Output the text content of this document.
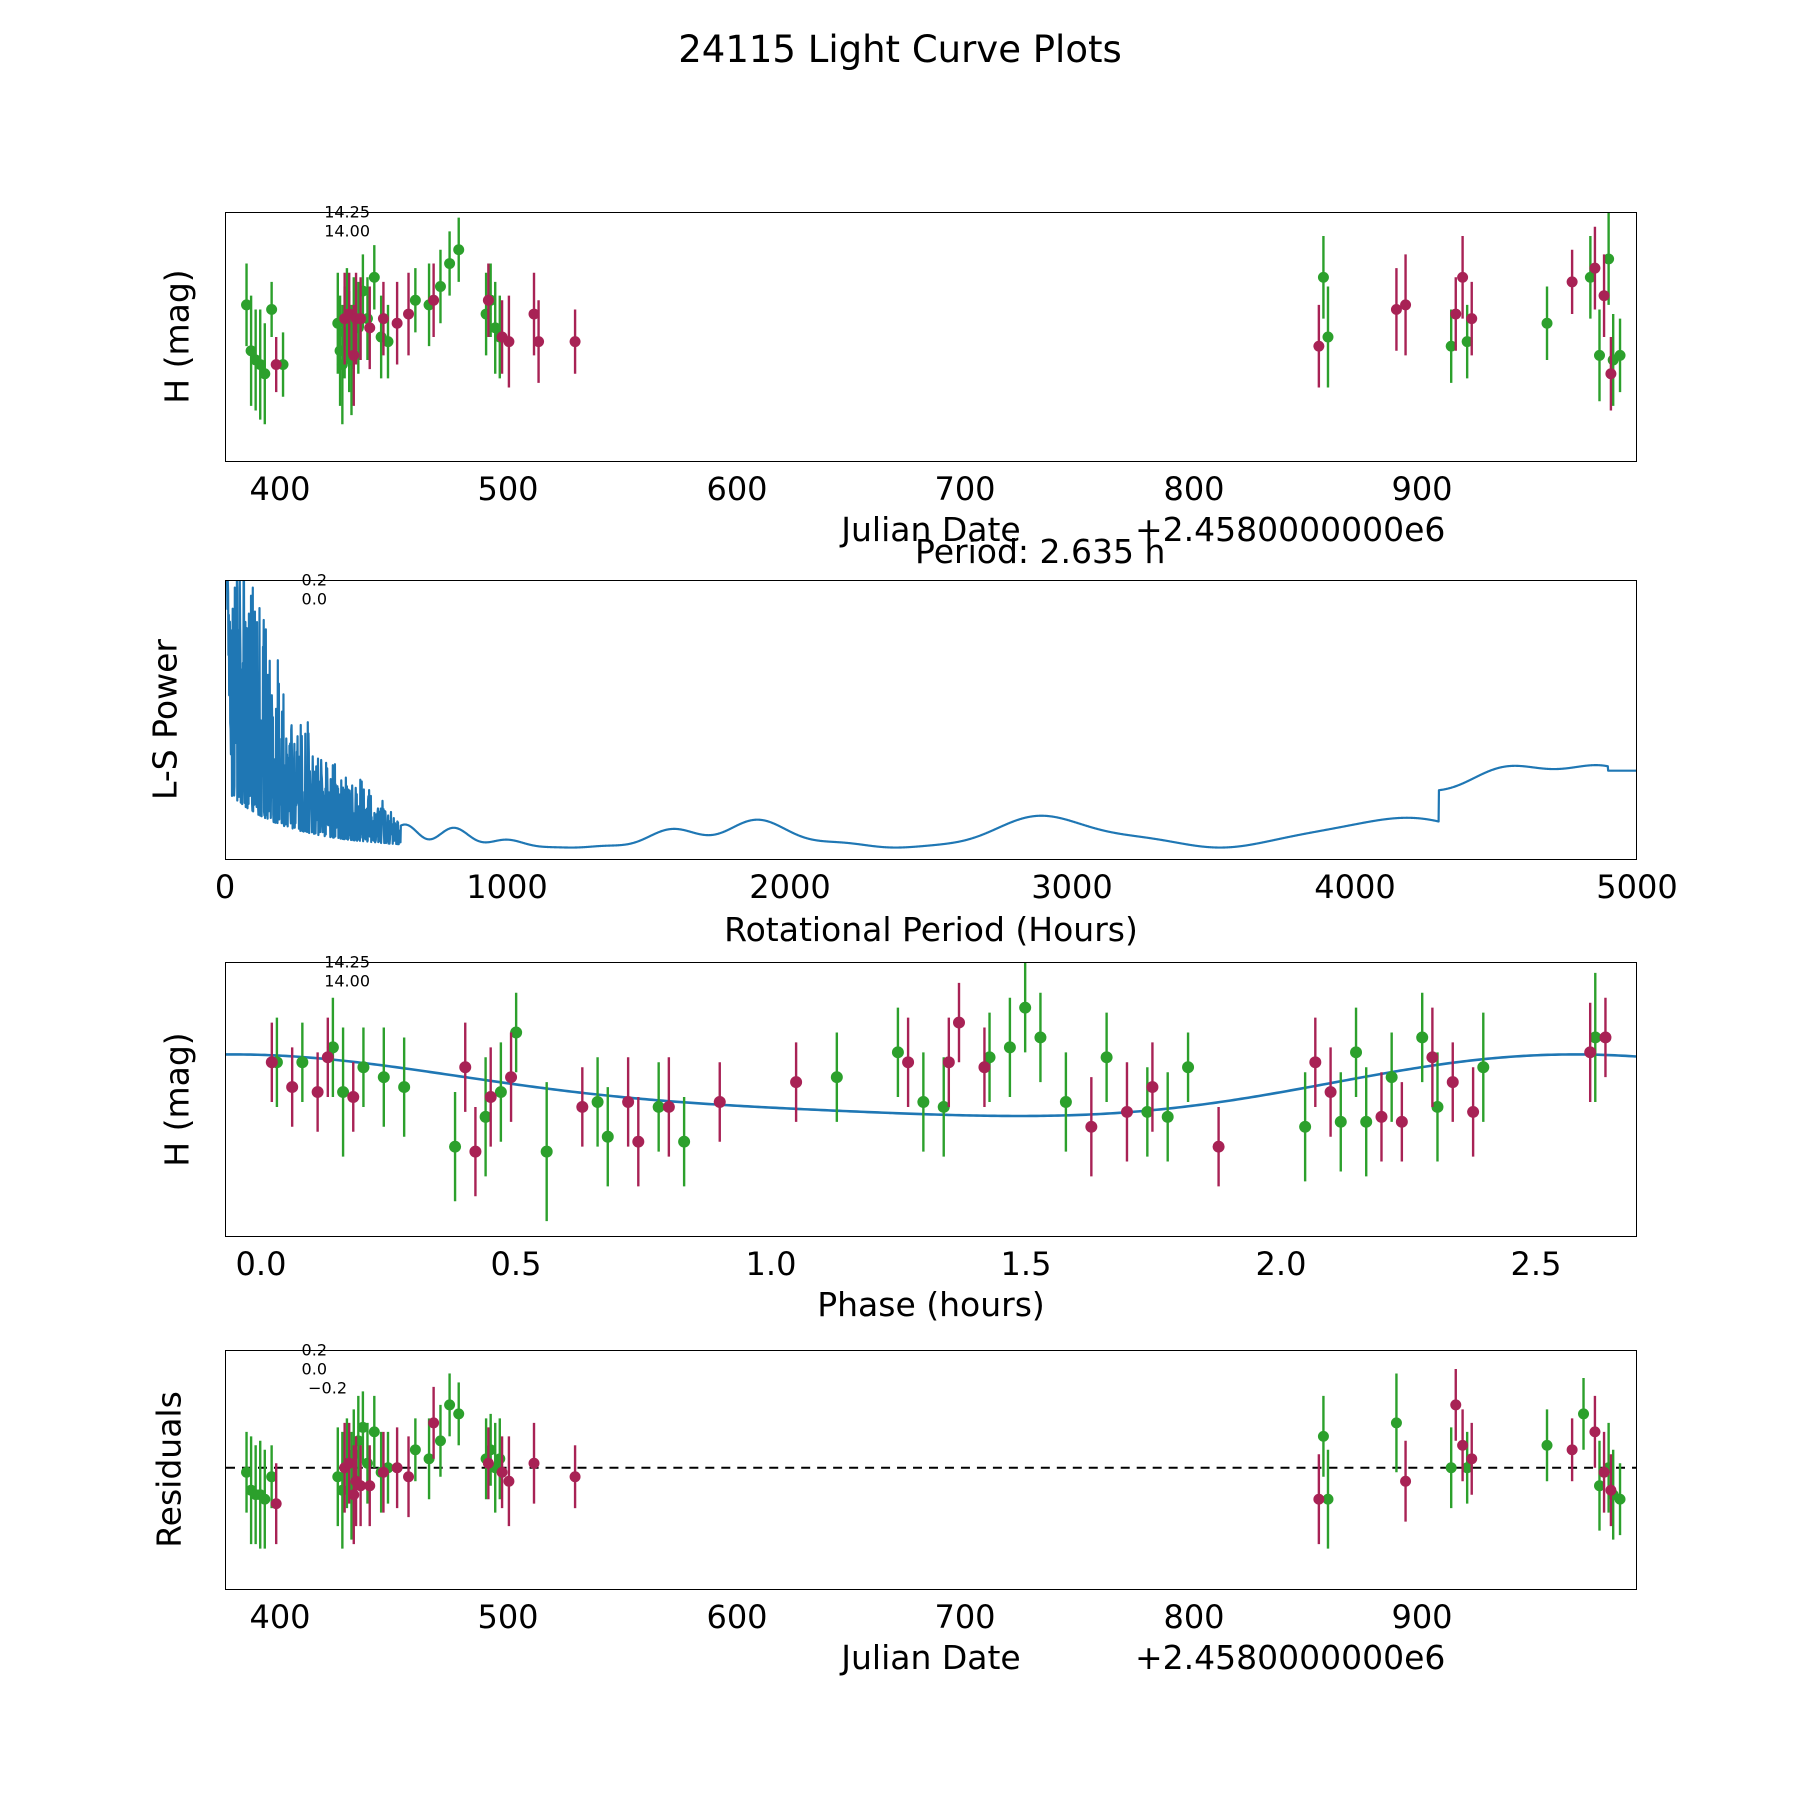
24115 Light Curve Plots
H (mag)
14.25
14.00
400	500	600	700	800	900
Julian Date	+2.4580000000e6
Period: 2.635 h
L-S Power
0.2
0.0
0	1000	2000	3000	4000	5000
Rotational Period (Hours)
H (mag)
14.25
14.00
0.0	0.5	1.0	1.5	2.0	2.5
Phase (hours)
Residuals
0.2
0.0
−0.2
400	500	600	700	800	900
Julian Date	+2.4580000000e6
